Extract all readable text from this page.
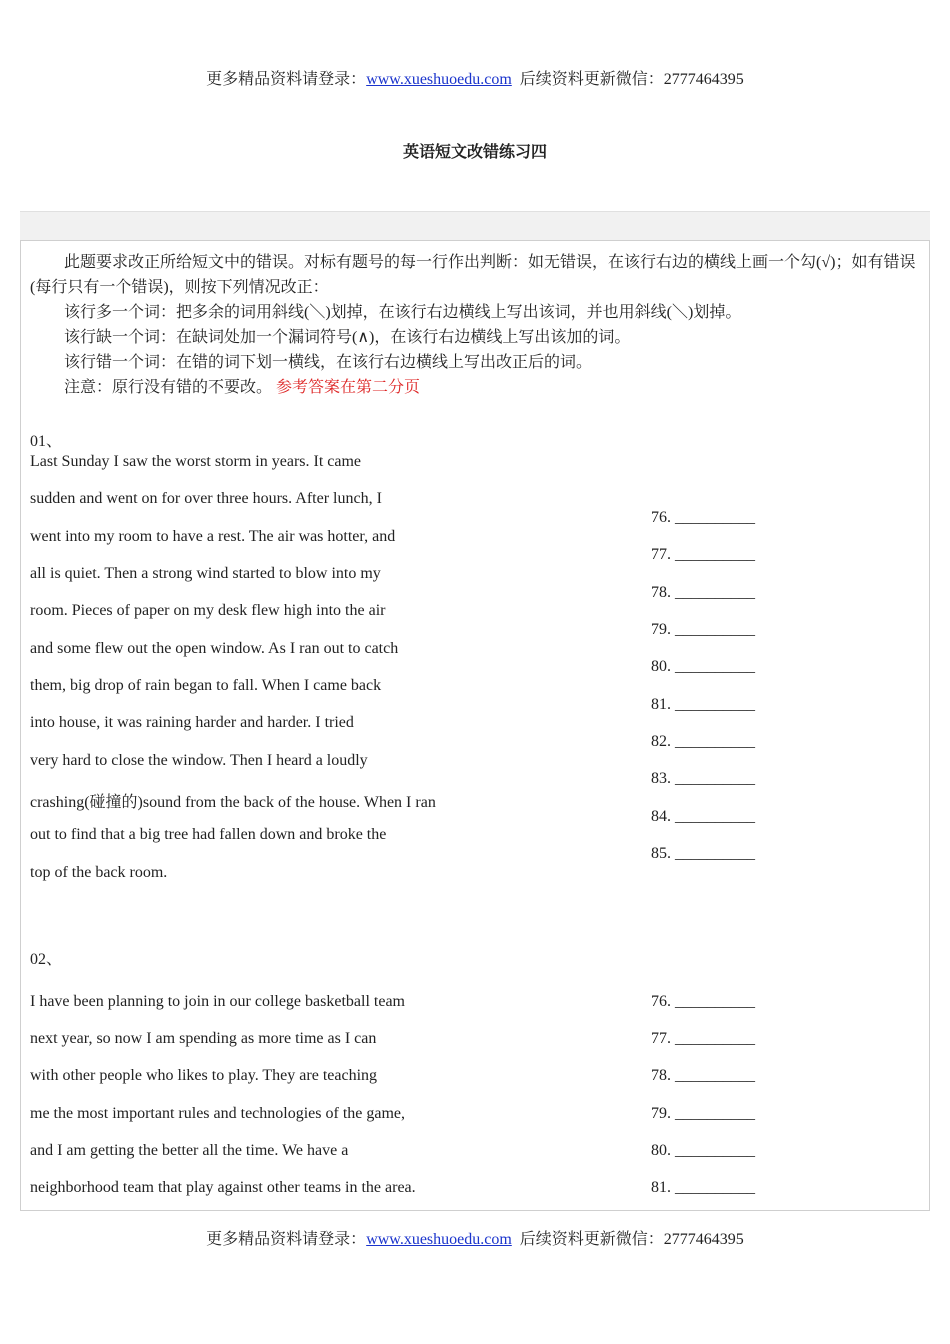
更多精品资料请登录：www.xueshuoedu.com 后续资料更新微信：2777464395
英语短文改错练习四
此题要求改正所给短文中的错误。对标有题号的每一行作出判断：如无错误，在该行右边的横线上画一个勾(√)；如有错误(每行只有一个错误)，则按下列情况改正：
该行多一个词：把多余的词用斜线(＼)划掉，在该行右边横线上写出该词，并也用斜线(＼)划掉。
该行缺一个词：在缺词处加一个漏词符号(∧)，在该行右边横线上写出该加的词。
该行错一个词：在错的词下划一横线，在该行右边横线上写出改正后的词。
注意：原行没有错的不要改。 参考答案在第二分页
01、
Last Sunday I saw the worst storm in years. It came
sudden and went on for over three hours. After lunch, I
went into my room to have a rest. The air was hotter, and
all is quiet. Then a strong wind started to blow into my
room. Pieces of paper on my desk flew high into the air
and some flew out the open window. As I ran out to catch
them, big drop of rain began to fall. When I came back
into house, it was raining harder and harder. I tried
very hard to close the window. Then I heard a loudly
crashing(碰撞的)sound from the back of the house. When I ran
out to find that a big tree had fallen down and broke the
top of the back room.
76. __________
77. __________
78. __________
79. __________
80. __________
81. __________
82. __________
83. __________
84. __________
85. __________
02、
I have been planning to join in our college basketball team
next year, so now I am spending as more time as I can
with other people who likes to play. They are teaching
me the most important rules and technologies of the game,
and I am getting the better all the time. We have a
neighborhood team that play against other teams in the area.
76. __________
77. __________
78. __________
79. __________
80. __________
81. __________
更多精品资料请登录：www.xueshuoedu.com 后续资料更新微信：2777464395
